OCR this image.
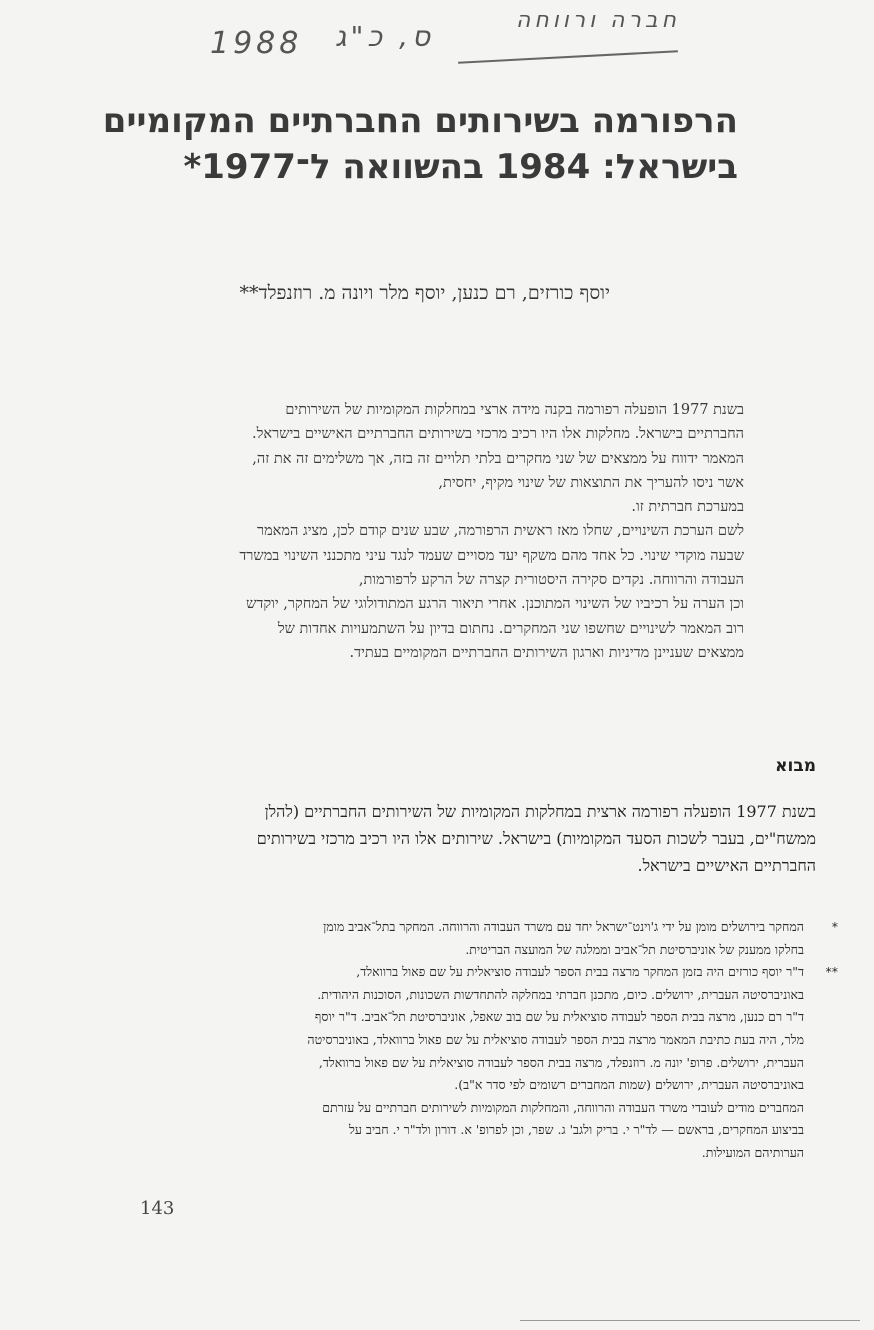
1988 ס, כ"ג	חברה ורווחה
הרפורמה בשירותים החברתיים המקומיים
בישראל: 1984 בהשוואה ל־1977*
יוסף כורזים, רם כנען, יוסף מלר ויונה מ. רוזנפלד**
בשנת 1977 הופעלה רפורמה בקנה מידה ארצי במחלקות המקומיות של השירותים
החברתיים בישראל. מחלקות אלו היו רכיב מרכזי בשירותים החברתיים האישיים בישראל.
המאמר ידווח על ממצאים של שני מחקרים בלתי תלויים זה בזה, אך משלימים זה את זה,
אשר ניסו להעריך את התוצאות של שינוי מקיף, יחסית,
במערכת חברתית זו.
לשם הערכת השינויים, שחלו מאז ראשית הרפורמה, שבע שנים קודם לכן, מציג המאמר
שבעה מוקדי שינוי. כל אחד מהם משקף יעד מסויים שעמד לנגד עיני מתכנני השינוי במשרד
העבודה והרווחה. נקדים סקירה היסטורית קצרה של הרקע לרפורמות,
וכן הערה על רכיביו של השינוי המתוכנן. אחרי תיאור הרגע המתודולוגי של המחקר, יוקדש
רוב המאמר לשינויים שחשפו שני המחקרים. נחתום בדיון על השתמעויות אחדות של
ממצאים שעניינן מדיניות וארגון השירותים החברתיים המקומיים בעתיד.
מבוא
בשנת 1977 הופעלה רפורמה ארצית במחלקות המקומיות של השירותים החברתיים (להלן
ממשח"ים, בעבר לשכות הסעד המקומיות) בישראל. שירותים אלו היו רכיב מרכזי בשירותים
החברתיים האישיים בישראל.
*
המחקר בירושלים מומן על ידי ג'וינט־ישראל יחד עם משרד העבודה והרווחה. המחקר בתל־אביב מומן
בחלקו ממענק של אוניברסיטת תל־אביב וממלגה של המועצה הבריטית.
**
ד"ר יוסף כורזים היה בזמן המחקר מרצה בבית הספר לעבודה סוציאלית על שם פאול ברוואלד,
באוניברסיטה העברית, ירושלים. כיום, מתכנן חברתי במחלקה להתחדשות השכונות, הסוכנות היהודית.
ד"ר רם כנען, מרצה בבית הספר לעבודה סוציאלית על שם בוב שאפל, אוניברסיטת תל־אביב. ד"ר יוסף
מלר, היה בעת כתיבת המאמר מרצה בבית הספר לעבודה סוציאלית על שם פאול ברוואלד, באוניברסיטה
העברית, ירושלים. פרופ' יונה מ. רוזנפלד, מרצה בבית הספר לעבודה סוציאלית על שם פאול ברוואלד,
באוניברסיטה העברית, ירושלים (שמות המחברים רשומים לפי סדר א"ב).
המחברים מודים לעובדי משרד העבודה והרווחה, והמחלקות המקומיות לשירותים חברתיים על עזרתם
בביצוע המחקרים, בראשם — לד"ר י. בריק ולגב' ג. שפר, וכן לפרופ' א. דורון ולד"ר י. חביב על
הערותיהם המועילות.
143
